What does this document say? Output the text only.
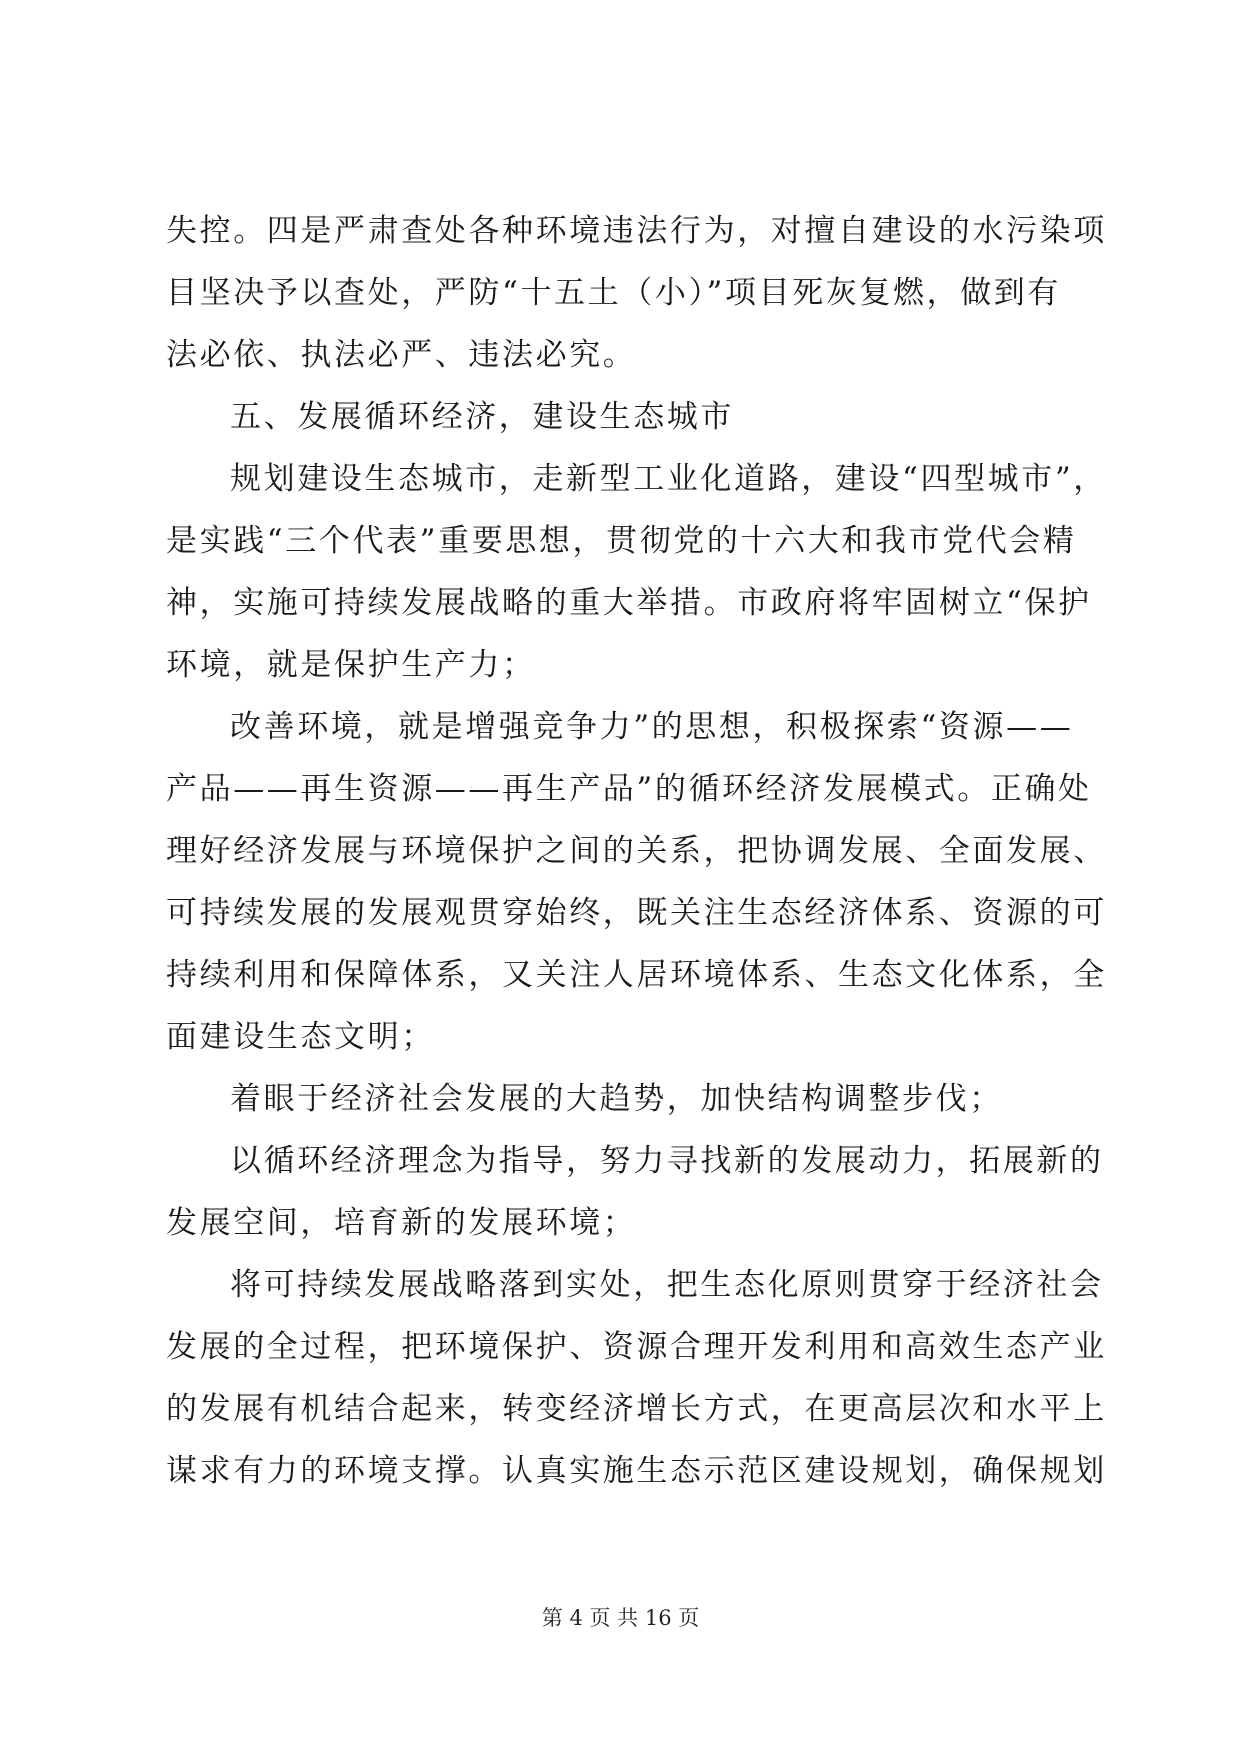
失控。四是严肃查处各种环境违法行为，对擅自建设的水污染项
目坚决予以查处，严防“十五土（小）”项目死灰复燃，做到有
法必依、执法必严、违法必究。
五、发展循环经济，建设生态城市
规划建设生态城市，走新型工业化道路，建设“四型城市”，
是实践“三个代表”重要思想，贯彻党的十六大和我市党代会精
神，实施可持续发展战略的重大举措。市政府将牢固树立“保护
环境，就是保护生产力；
改善环境，就是增强竞争力”的思想，积极探索“资源——
产品——再生资源——再生产品”的循环经济发展模式。正确处
理好经济发展与环境保护之间的关系，把协调发展、全面发展、
可持续发展的发展观贯穿始终，既关注生态经济体系、资源的可
持续利用和保障体系，又关注人居环境体系、生态文化体系，全
面建设生态文明；
着眼于经济社会发展的大趋势，加快结构调整步伐；
以循环经济理念为指导，努力寻找新的发展动力，拓展新的
发展空间，培育新的发展环境；
将可持续发展战略落到实处，把生态化原则贯穿于经济社会
发展的全过程，把环境保护、资源合理开发利用和高效生态产业
的发展有机结合起来，转变经济增长方式，在更高层次和水平上
谋求有力的环境支撑。认真实施生态示范区建设规划，确保规划
第 4 页 共 16 页
